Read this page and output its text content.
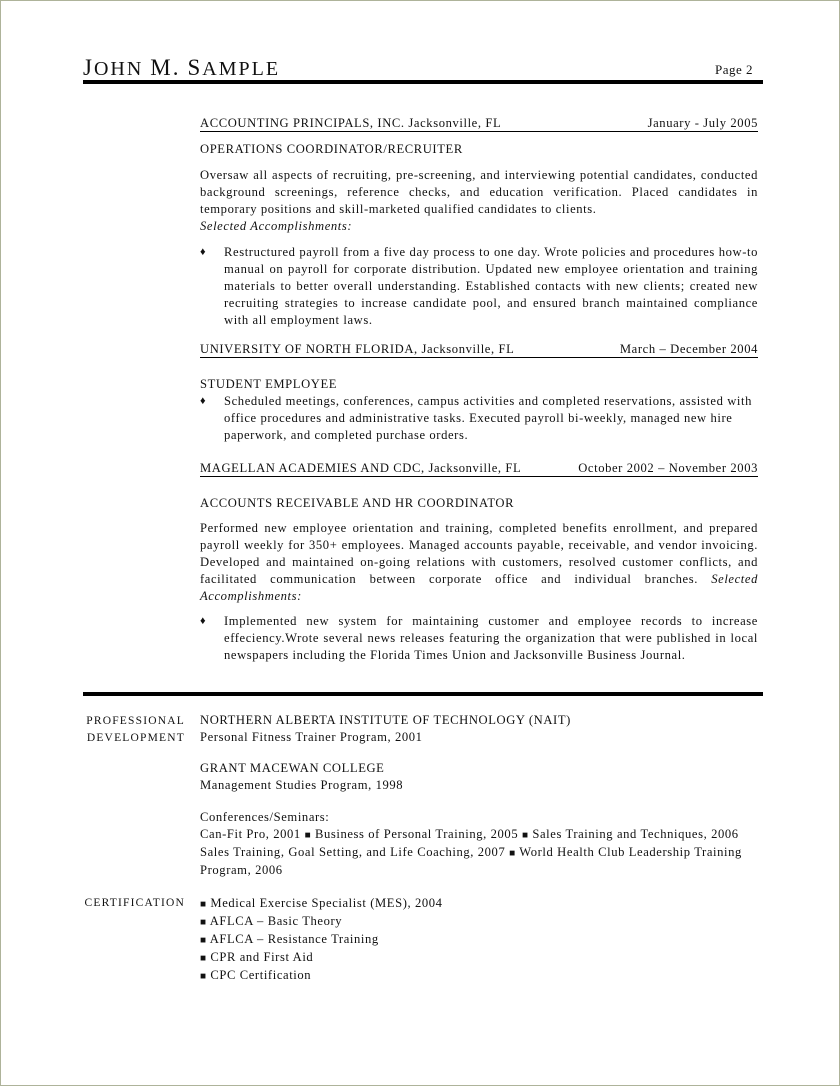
JOHN M. SAMPLE	Page 2
ACCOUNTING PRINCIPALS, INC. Jacksonville, FL	January - July 2005
OPERATIONS COORDINATOR/RECRUITER
Oversaw all aspects of recruiting, pre-screening, and interviewing potential candidates, conducted background screenings, reference checks, and education verification. Placed candidates in temporary positions and skill-marketed qualified candidates to clients.
Selected Accomplishments:
♦ Restructured payroll from a five day process to one day. Wrote policies and procedures how-to manual on payroll for corporate distribution. Updated new employee orientation and training materials to better overall understanding. Established contacts with new clients; created new recruiting strategies to increase candidate pool, and ensured branch maintained compliance with all employment laws.
UNIVERSITY OF NORTH FLORIDA, Jacksonville, FL	March – December 2004
STUDENT EMPLOYEE
♦ Scheduled meetings, conferences, campus activities and completed reservations, assisted with office procedures and administrative tasks. Executed payroll bi-weekly, managed new hire paperwork, and completed purchase orders.
MAGELLAN ACADEMIES AND CDC, Jacksonville, FL	October 2002 – November 2003
ACCOUNTS RECEIVABLE AND HR COORDINATOR
Performed new employee orientation and training, completed benefits enrollment, and prepared payroll weekly for 350+ employees. Managed accounts payable, receivable, and vendor invoicing. Developed and maintained on-going relations with customers, resolved customer conflicts, and facilitated communication between corporate office and individual branches. Selected Accomplishments:
♦ Implemented new system for maintaining customer and employee records to increase effeciency.Wrote several news releases featuring the organization that were published in local newspapers including the Florida Times Union and Jacksonville Business Journal.
PROFESSIONAL
DEVELOPMENT
NORTHERN ALBERTA INSTITUTE OF TECHNOLOGY (NAIT)
Personal Fitness Trainer Program, 2001
GRANT MACEWAN COLLEGE
Management Studies Program, 1998
Conferences/Seminars:
Can-Fit Pro, 2001 ■ Business of Personal Training, 2005 ■ Sales Training and Techniques, 2006 Sales Training, Goal Setting, and Life Coaching, 2007 ■ World Health Club Leadership Training Program, 2006
CERTIFICATION ■ Medical Exercise Specialist (MES), 2004
■ AFLCA – Basic Theory
■ AFLCA – Resistance Training
■ CPR and First Aid
■ CPC Certification
